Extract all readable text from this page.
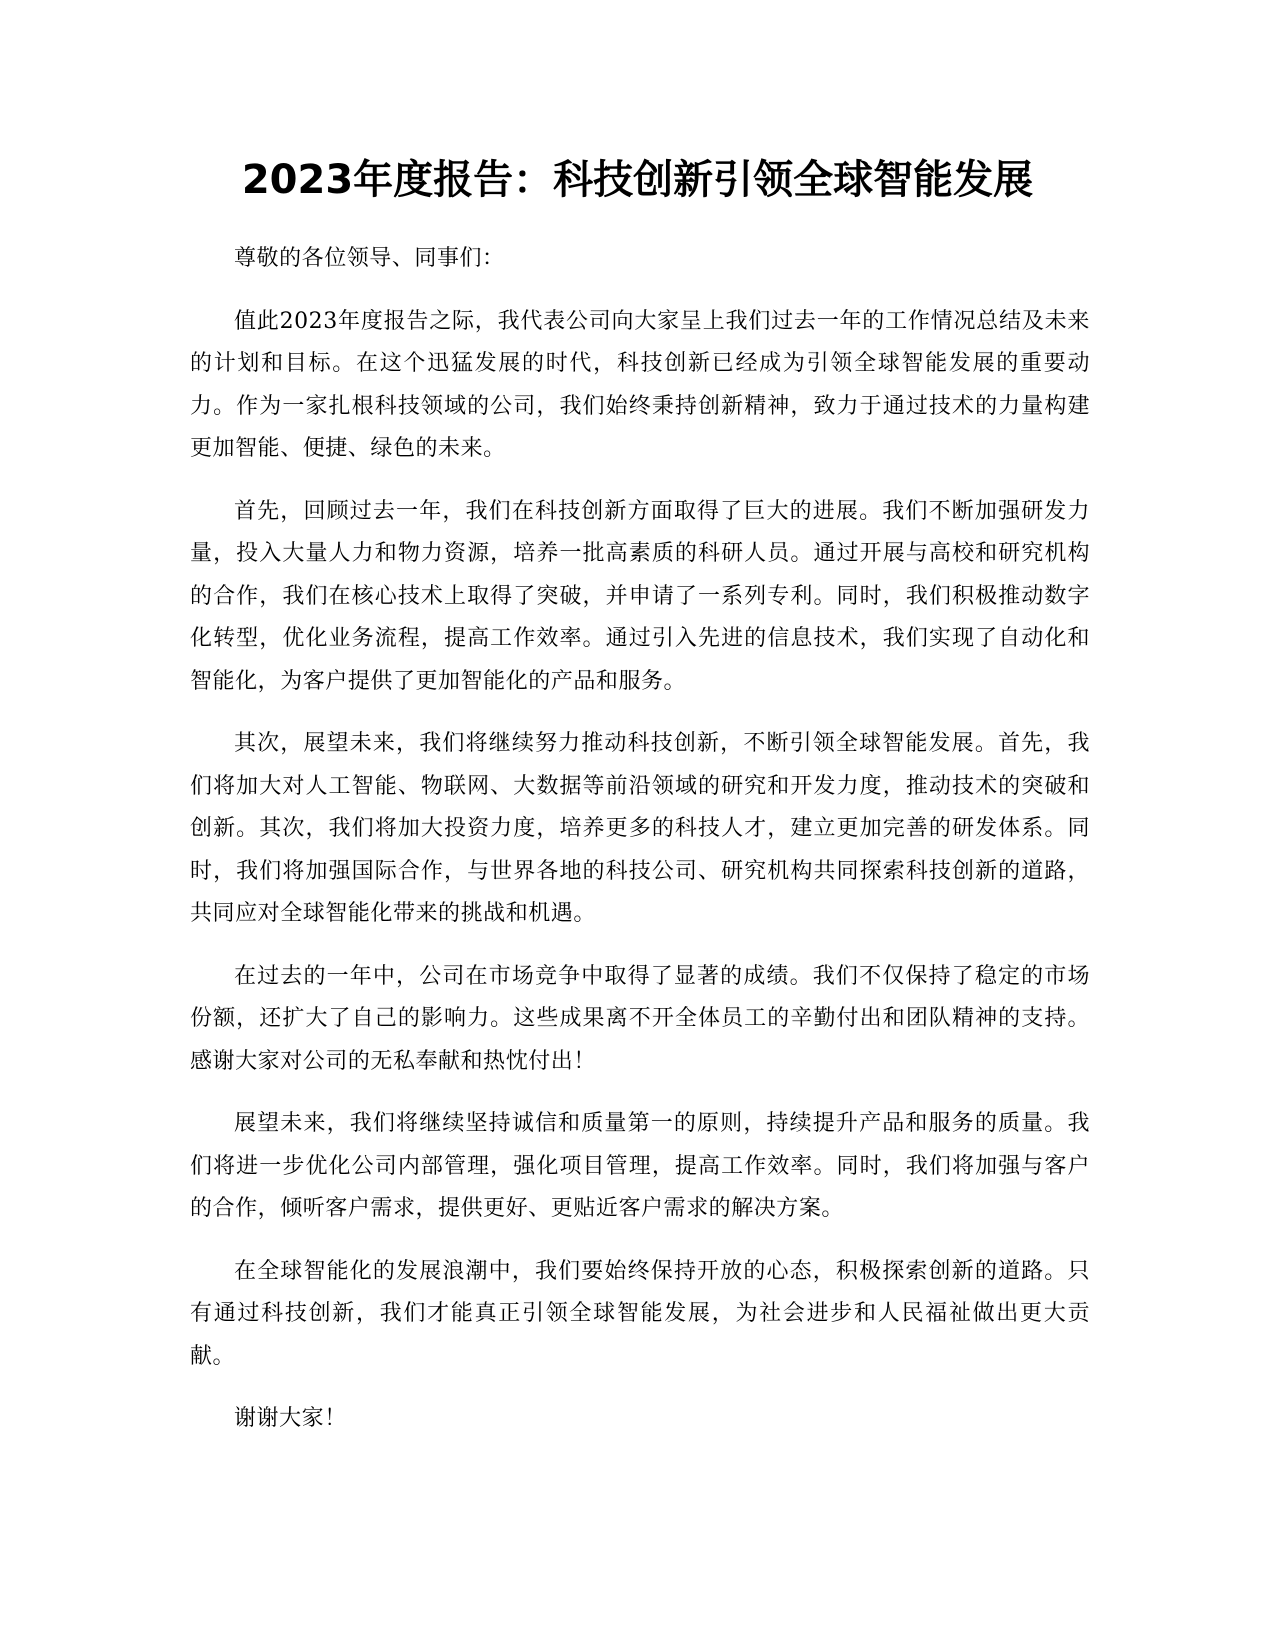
2023年度报告：科技创新引领全球智能发展

尊敬的各位领导、同事们：

值此2023年度报告之际，我代表公司向大家呈上我们过去一年的工作情况总结及未来的计划和目标。在这个迅猛发展的时代，科技创新已经成为引领全球智能发展的重要动力。作为一家扎根科技领域的公司，我们始终秉持创新精神，致力于通过技术的力量构建更加智能、便捷、绿色的未来。

首先，回顾过去一年，我们在科技创新方面取得了巨大的进展。我们不断加强研发力量，投入大量人力和物力资源，培养一批高素质的科研人员。通过开展与高校和研究机构的合作，我们在核心技术上取得了突破，并申请了一系列专利。同时，我们积极推动数字化转型，优化业务流程，提高工作效率。通过引入先进的信息技术，我们实现了自动化和智能化，为客户提供了更加智能化的产品和服务。

其次，展望未来，我们将继续努力推动科技创新，不断引领全球智能发展。首先，我们将加大对人工智能、物联网、大数据等前沿领域的研究和开发力度，推动技术的突破和创新。其次，我们将加大投资力度，培养更多的科技人才，建立更加完善的研发体系。同时，我们将加强国际合作，与世界各地的科技公司、研究机构共同探索科技创新的道路，共同应对全球智能化带来的挑战和机遇。

在过去的一年中，公司在市场竞争中取得了显著的成绩。我们不仅保持了稳定的市场份额，还扩大了自己的影响力。这些成果离不开全体员工的辛勤付出和团队精神的支持。感谢大家对公司的无私奉献和热忱付出！

展望未来，我们将继续坚持诚信和质量第一的原则，持续提升产品和服务的质量。我们将进一步优化公司内部管理，强化项目管理，提高工作效率。同时，我们将加强与客户的合作，倾听客户需求，提供更好、更贴近客户需求的解决方案。

在全球智能化的发展浪潮中，我们要始终保持开放的心态，积极探索创新的道路。只有通过科技创新，我们才能真正引领全球智能发展，为社会进步和人民福祉做出更大贡献。

谢谢大家！
